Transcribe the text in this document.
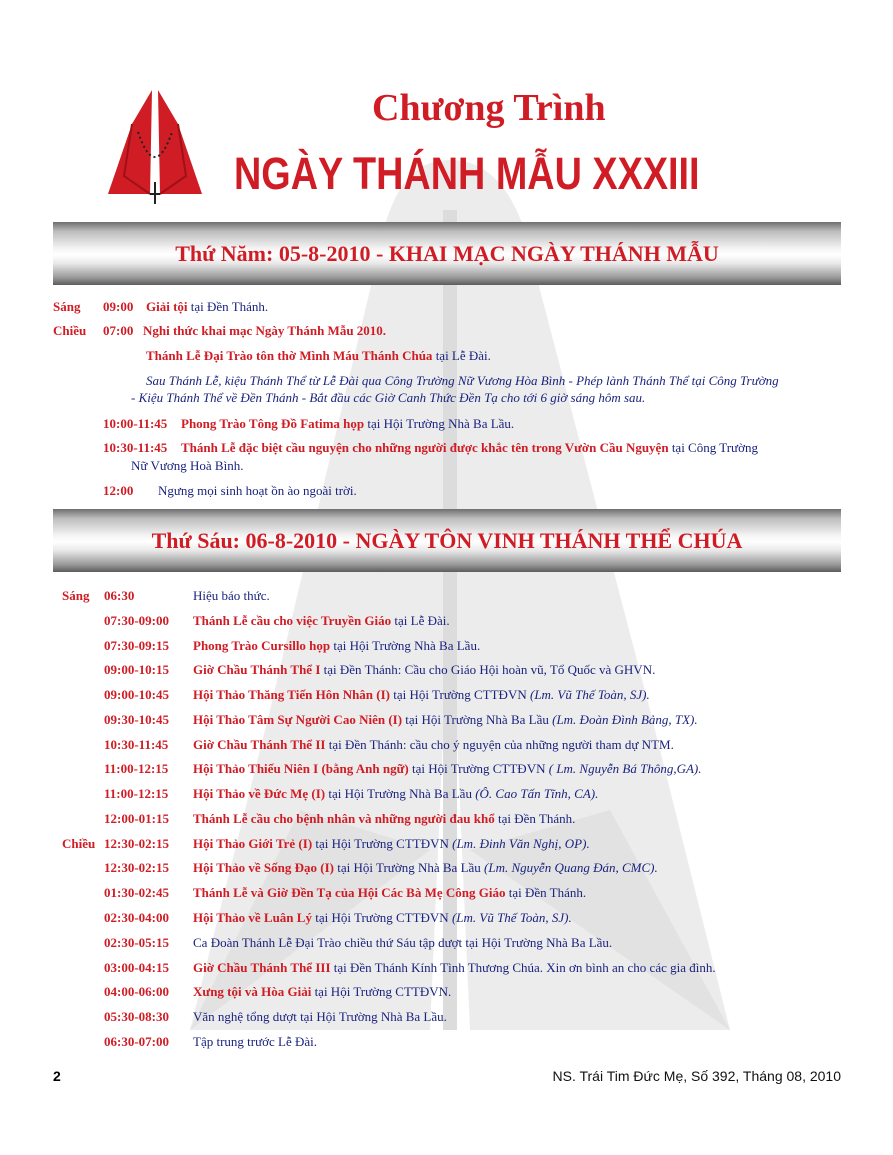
Chương Trình
NGÀY THÁNH MẪU XXXIII
Thứ Năm: 05-8-2010 - KHAI MẠC NGÀY THÁNH MẪU
Sáng 09:00 Giải tội tại Đền Thánh.
Chiều 07:00 Nghi thức khai mạc Ngày Thánh Mẫu 2010.
Thánh Lễ Đại Trào tôn thờ Mình Máu Thánh Chúa tại Lễ Đài.
Sau Thánh Lễ, kiệu Thánh Thể từ Lễ Đài qua Công Trường Nữ Vương Hòa Bình - Phép lành Thánh Thể tại Công Trường
- Kiệu Thánh Thể về Đền Thánh - Bắt đầu các Giờ Canh Thức Đền Tạ cho tới 6 giờ sáng hôm sau.
10:00-11:45 Phong Trào Tông Đồ Fatima họp tại Hội Trường Nhà Ba Lầu.
10:30-11:45 Thánh Lễ đặc biệt cầu nguyện cho những người được khắc tên trong Vườn Cầu Nguyện tại Công Trường
Nữ Vương Hoà Bình.
12:00 Ngưng mọi sinh hoạt ồn ào ngoài trời.
Thứ Sáu: 06-8-2010 - NGÀY TÔN VINH THÁNH THỂ CHÚA
Sáng 06:30	Hiệu báo thức.
07:30-09:00 Thánh Lễ cầu cho việc Truyền Giáo tại Lễ Đài.
07:30-09:15 Phong Trào Cursillo họp tại Hội Trường Nhà Ba Lầu.
09:00-10:15 Giờ Chầu Thánh Thể I tại Đền Thánh: Cầu cho Giáo Hội hoàn vũ, Tổ Quốc và GHVN.
09:00-10:45 Hội Thảo Thăng Tiến Hôn Nhân (I) tại Hội Trường CTTĐVN (Lm. Vũ Thế Toàn, SJ).
09:30-10:45 Hội Thảo Tâm Sự Người Cao Niên (I) tại Hội Trường Nhà Ba Lầu (Lm. Đoàn Đình Bảng, TX).
10:30-11:45 Giờ Chầu Thánh Thể II tại Đền Thánh: cầu cho ý nguyện của những người tham dự NTM.
11:00-12:15 Hội Thảo Thiếu Niên I (bằng Anh ngữ) tại Hội Trường CTTĐVN ( Lm. Nguyễn Bá Thông,GA).
11:00-12:15 Hội Thảo về Đức Mẹ (I) tại Hội Trường Nhà Ba Lầu (Ô. Cao Tấn Tĩnh, CA).
12:00-01:15 Thánh Lễ cầu cho bệnh nhân và những người đau khổ tại Đền Thánh.
Chiều 12:30-02:15 Hội Thảo Giới Trẻ (I) tại Hội Trường CTTĐVN (Lm. Đinh Văn Nghị, OP).
12:30-02:15 Hội Thảo về Sống Đạo (I) tại Hội Trường Nhà Ba Lầu (Lm. Nguyễn Quang Đán, CMC).
01:30-02:45 Thánh Lễ và Giờ Đền Tạ của Hội Các Bà Mẹ Công Giáo tại Đền Thánh.
02:30-04:00 Hội Thảo về Luân Lý tại Hội Trường CTTĐVN (Lm. Vũ Thế Toàn, SJ).
02:30-05:15 Ca Đoàn Thánh Lễ Đại Trào chiều thứ Sáu tập dượt tại Hội Trường Nhà Ba Lầu.
03:00-04:15 Giờ Chầu Thánh Thể III tại Đền Thánh Kính Tình Thương Chúa. Xin ơn bình an cho các gia đình.
04:00-06:00 Xưng tội và Hòa Giải tại Hội Trường CTTĐVN.
05:30-08:30 Văn nghệ tổng dượt tại Hội Trường Nhà Ba Lầu.
06:30-07:00 Tập trung trước Lễ Đài.
2	NS. Trái Tim Đức Mẹ, Số 392, Tháng 08, 2010
